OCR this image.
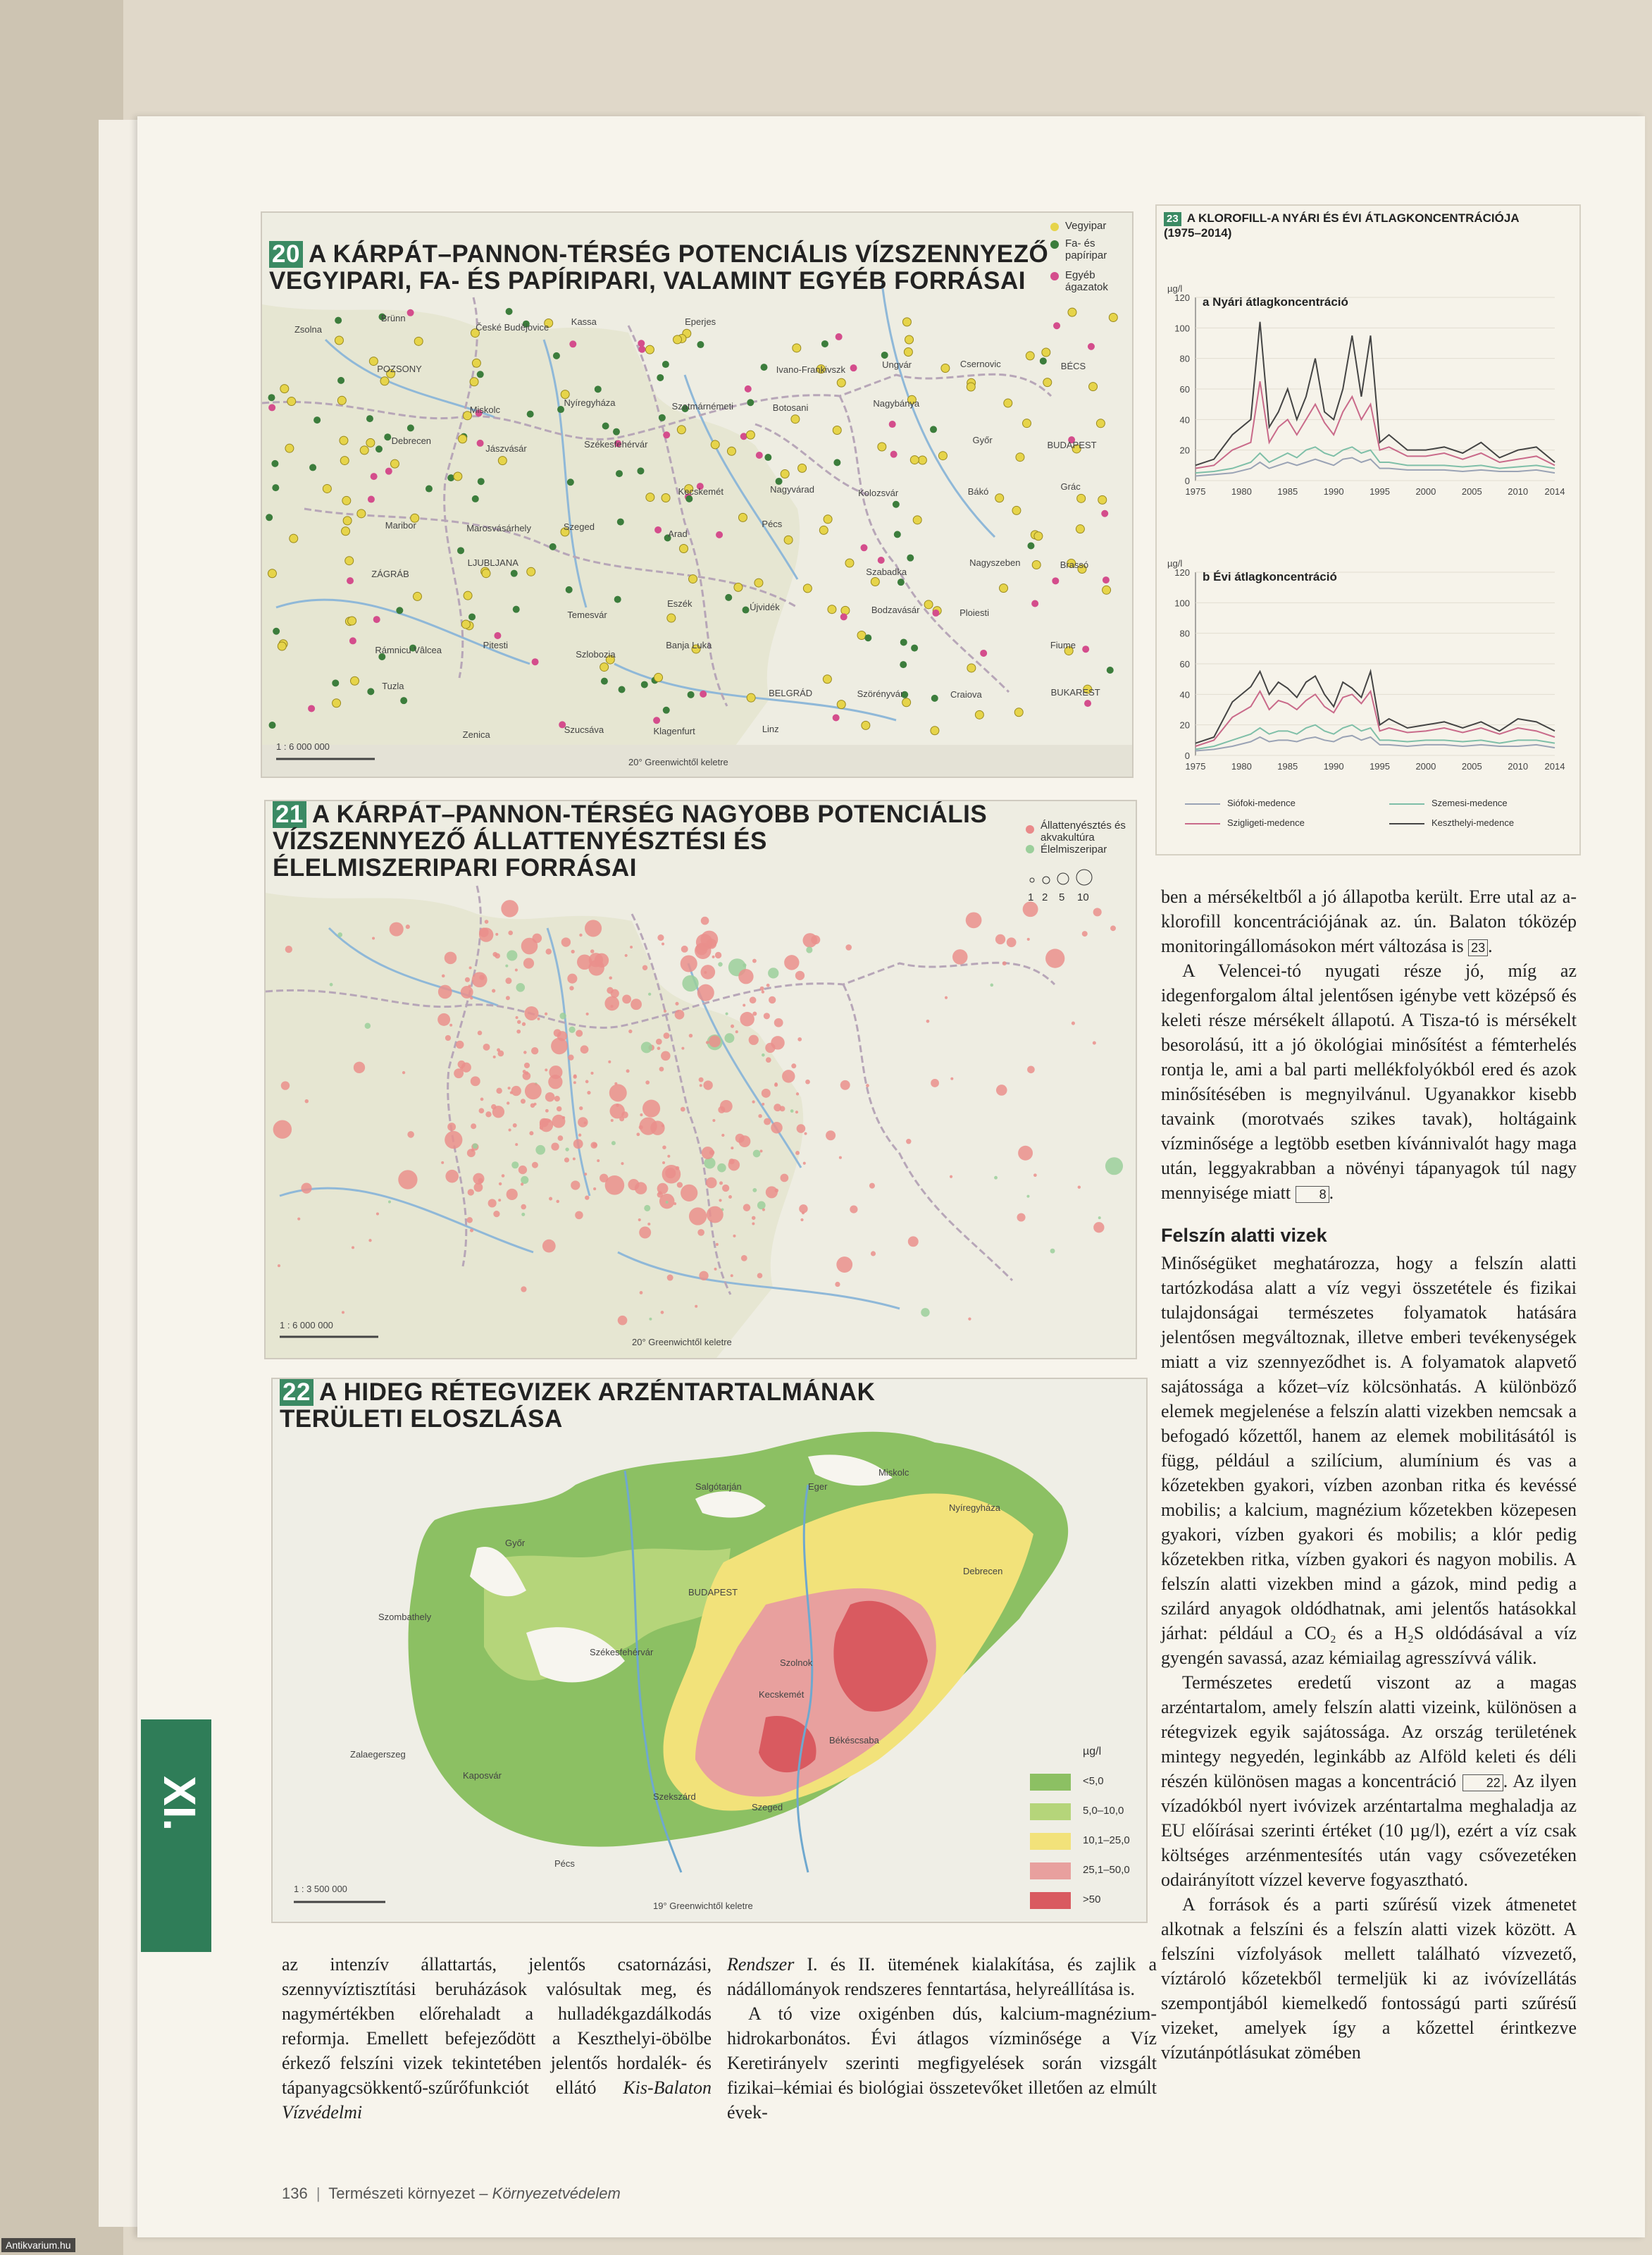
XI.
20 A KÁRPÁT–PANNON-TÉRSÉG POTENCIÁLIS VÍZSZENNYEZŐ
VEGYIPARI, FA- ÉS PAPÍRIPARI, VALAMINT EGYÉB FORRÁSAI
Vegyipar
Fa- és papíripar
Egyéb ágazatok
1 : 6 000 000
20° Greenwichtől keletre
Zsolna
Brünn
České Budějovice
Kassa	Eperjes
Ivano-Frankivszk	Ungvár	Csernovic	BÉCS
POZSONY
Miskolc
Nyíregyháza	Szatmárnémeti	Botosani	Nagybánya
Győr	BUDAPEST
Debrecen
Jászvásár	Székesfehérvár
Kecskemét	Nagyvárad	Kolozsvár	Bákó	Grác
Maribor	Marosvásárhely	Szeged
Arad
Pécs
Szabadka
Nagyszeben	Brassó
ZÁGRÁB
LJUBLJANA
Temesvár
Eszék	Újvidék	Bodzavásár	Ploiesti
Fiume
Rámnicu Vâlcea	Pitesti
Szlobozia
Banja Luka
BELGRÁD	Szörényvár	Craiova	BUKAREST
Tuzla
Zenica	Szucsáva	Klagenfurt	Linz
21 A KÁRPÁT–PANNON-TÉRSÉG NAGYOBB POTENCIÁLIS
VÍZSZENNYEZŐ ÁLLATTENYÉSZTÉSI ÉS
ÉLELMISZERIPARI FORRÁSAI
Állattenyésztés és akvakultúra
Élelmiszeripar
1 2 5 10
1 : 6 000 000
20° Greenwichtől keletre
22 A HIDEG RÉTEGVIZEK ARZÉNTARTALMÁNAK
TERÜLETI ELOSZLÁSA
Salgótarján	Eger
Miskolc
Nyíregyháza
Győr
BUDAPEST
Debrecen
Szombathely
Székesfehérvár
Szolnok
Zalaegerszeg
Kecskemét
Békéscsaba
Kaposvár
Szekszárd
Szeged
Pécs
µg/l
<5,0
5,0–10,0
10,1–25,0
25,1–50,0
>50
1 : 3 500 000
19° Greenwichtől keletre
23 A KLOROFILL-A NYÁRI ÉS ÉVI ÁTLAGKONCENTRÁCIÓJA
(1975–2014)
0
20
40
60
80
100
120
1975	1980	1985	1990	1995	2000	2005	2010 2014
µg/l
a Nyári átlagkoncentráció
0
20
40
60
80
100
120
1975	1980	1985	1990	1995	2000	2005	2010 2014
µg/l
b Évi átlagkoncentráció
Siófoki-medence	Szemesi-medence
Szigligeti-medence	Keszthelyi-medence

ben a mérsékeltből a jó állapotba került. Erre utal az a-klorofill koncentrációjának az. ún. Balaton tóközép monitoringállomásokon mért változása is 23 .

A Velencei-tó nyugati része jó, míg az idegenforgalom által jelentősen igénybe vett középső és keleti része mérsékelt állapotú. A Tisza-tó is mérsékelt besorolású, itt a jó ökológiai minősítést a fémterhelés rontja le, ami a bal parti mellékfolyókból ered és azok minősítésében is megnyilvánul. Ugyanakkor kisebb tavaink (morotvaés szikes tavak), holtágaink vízminősége a legtöbb esetben kívánnivalót hagy maga után, leggyakrabban a növényi tápanyagok túl nagy mennyisége miatt 8 .

Felszín alatti vizek

Minőségüket meghatározza, hogy a felszín alatti tartózkodása alatt a víz vegyi összetétele és fizikai tulajdonságai természetes folyamatok hatására jelentősen megváltoznak, illetve emberi tevékenységek miatt a viz szennyeződhet is. A folyamatok alapvető sajátossága a kőzet–víz kölcsönhatás. A különböző elemek megjelenése a felszín alatti vizekben nemcsak a befogadó kőzettől, hanem az elemek mobilitásától is függ, például a szilícium, alumínium és vas a kőzetekben gyakori, vízben azonban ritka és kevéssé mobilis; a kalcium, magnézium kőzetekben közepesen gyakori, vízben gyakori és mobilis; a klór pedig kőzetekben ritka, vízben gyakori és nagyon mobilis. A felszín alatti vizekben mind a gázok, mind pedig a szilárd anyagok oldódhatnak, ami jelentős hatásokkal járhat: például a CO₂ és a H₂S oldódásával a víz gyengén savassá, azaz kémiailag agresszívvá válik.

Természetes eredetű viszont az a magas arzéntartalom, amely felszín alatti vizeink, különösen a rétegvizek egyik sajátossága. Az ország területének mintegy negyedén, leginkább az Alföld keleti és déli részén különösen magas a koncentráció 22 . Az ilyen vízadókból nyert ivóvizek arzéntartalma meghaladja az EU előírásai szerinti értéket (10 µg/l), ezért a víz csak költséges arzénmentesítés után vagy csővezetéken odairányított vízzel keverve fogyasztható.

A források és a parti szűrésű vizek átmenetet alkotnak a felszíni és a felszín alatti vizek között. A felszíni vízfolyások mellett található vízvezető, víztároló kőzetekből termeljük ki az ivóvízellátás szempontjából kiemelkedő fontosságú parti szűrésű vizeket, amelyek így a kőzettel érintkezve vízutánpótlásukat zömében

az intenzív állattartás, jelentős csatornázási, szennyvíztisztítási beruházások valósultak meg, és nagymértékben előrehaladt a hulladékgazdálkodás reformja. Emellett befejeződött a Keszthelyi-öbölbe érkező felszíni vizek tekintetében jelentős hordalék- és tápanyagcsökkentő-szűrőfunkciót ellátó Kis-Balaton Vízvédelmi

Rendszer I. és II. ütemének kialakítása, és zajlik a nádállományok rendszeres fenntartása, helyreállítása is.

A tó vize oxigénben dús, kalcium-magnézium-hidrokarbonátos. Évi átlagos vízminősége a Víz Keretirányelv szerinti megfigyelések során vizsgált fizikai–kémiai és biológiai összetevőket illetően az elmúlt évek-

136 | Természeti környezet – Környezetvédelem
Antikvarium.hu
